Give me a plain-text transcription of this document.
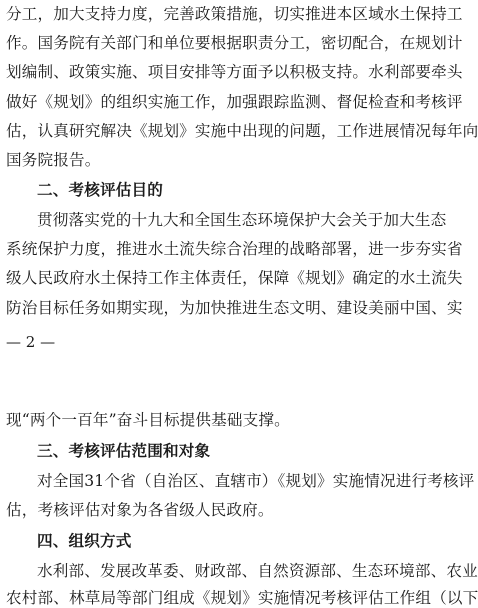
分工，加大支持力度，完善政策措施，切实推进本区域水土保持工
作。国务院有关部门和单位要根据职责分工，密切配合，在规划计
划编制、政策实施、项目安排等方面予以积极支持。水利部要牵头
做好《规划》的组织实施工作，加强跟踪监测、督促检查和考核评
估，认真研究解决《规划》实施中出现的问题，工作进展情况每年向
国务院报告。
二、考核评估目的
贯彻落实党的十九大和全国生态环境保护大会关于加大生态
系统保护力度，推进水土流失综合治理的战略部署，进一步夯实省
级人民政府水土保持工作主体责任，保障《规划》确定的水土流失
防治目标任务如期实现，为加快推进生态文明、建设美丽中国、实
— 2 —
现“两个一百年”奋斗目标提供基础支撑。
三、考核评估范围和对象
对全国31个省（自治区、直辖市）《规划》实施情况进行考核评
估，考核评估对象为各省级人民政府。
四、组织方式
水利部、发展改革委、财政部、自然资源部、生态环境部、农业
农村部、林草局等部门组成《规划》实施情况考核评估工作组（以下
